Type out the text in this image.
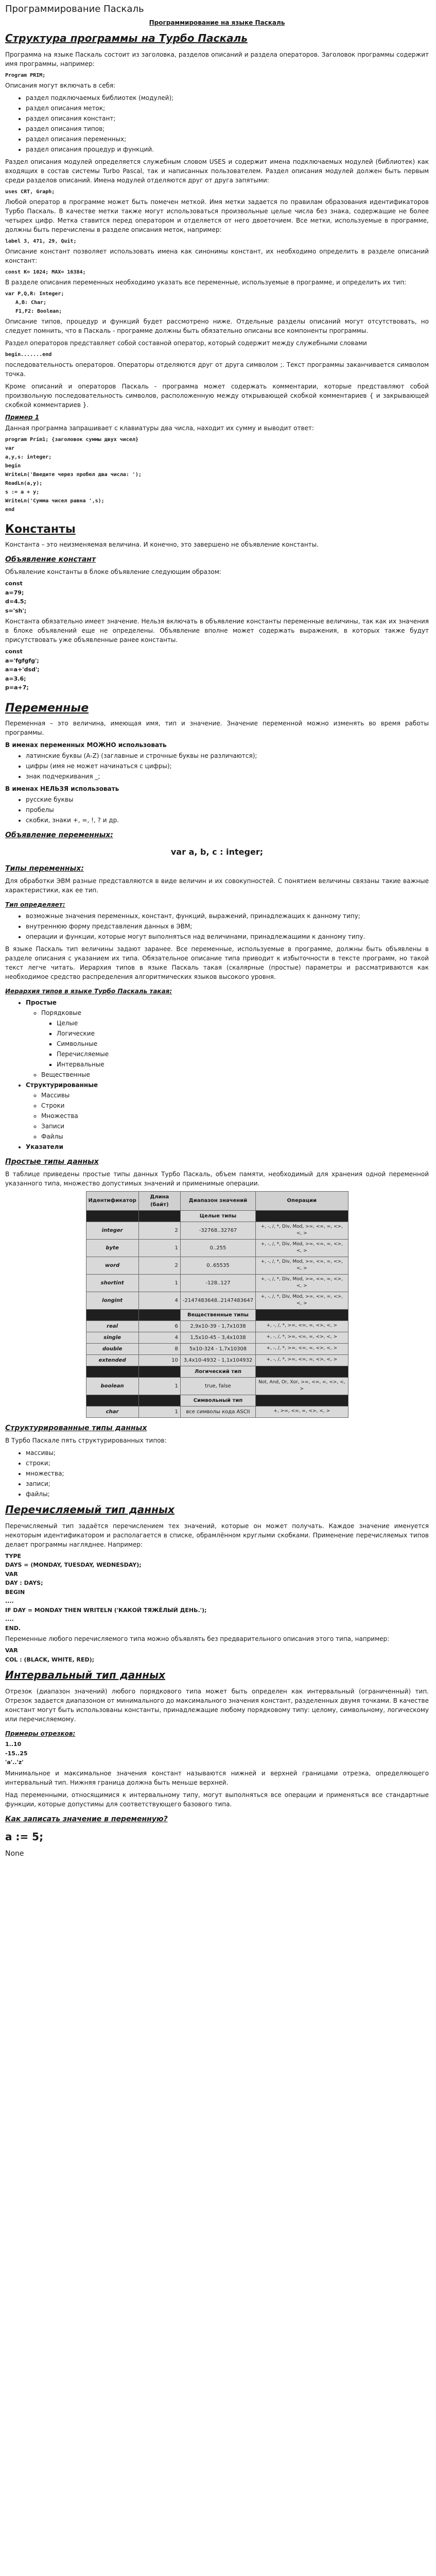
Программирование Паскаль
Программирование на языке Паскаль
Структура программы на Турбо Паскаль

Программа на языке Паскаль состоит из заголовка, разделов описаний и раздела операторов. Заголовок программы содержит имя программы, например:

Program PRIM;

Описания могут включать в себя:

• раздел подключаемых библиотек (модулей);
• раздел описания меток;
• раздел описания констант;
• раздел описания типов;
• раздел описания переменных;
• раздел описания процедур и функций.

Раздел описания модулей определяется служебным словом USES и содержит имена подключаемых модулей (библиотек) как входящих в состав системы Turbo Pascal, так и написанных пользователем. Раздел описания модулей должен быть первым среди разделов описаний. Имена модулей отделяются друг от друга запятыми:

uses CRT, Graph;

Любой оператор в программе может быть помечен меткой. Имя метки задается по правилам образования идентификаторов Турбо Паскаль. В качестве метки также могут использоваться произвольные целые числа без знака, содержащие не более четырех цифр. Метка ставится перед оператором и отделяется от него двоеточием. Все метки, используемые в программе, должны быть перечислены в разделе описания меток, например:

label 3, 471, 29, Quit;

Описание констант позволяет использовать имена как синонимы констант, их необходимо определить в разделе описаний констант:

const K= 1024; MAX= 16384;

В разделе описания переменных необходимо указать все переменные, используемые в программе, и определить их тип:

var P,Q,R: Integer;
A,B: Char;
F1,F2: Boolean;

Описание типов, процедур и функций будет рассмотрено ниже. Отдельные разделы описаний могут отсутствовать, но следует помнить, что в Паскаль - программе должны быть обязательно описаны все компоненты программы.

Раздел операторов представляет собой составной оператор, который содержит между служебными словами

begin.......end

последовательность операторов. Операторы отделяются друг от друга символом ;. Текст программы заканчивается символом точка.

Кроме описаний и операторов Паскаль - программа может содержать комментарии, которые представляют собой произвольную последовательность символов, расположенную между открывающей скобкой комментариев { и закрывающей скобкой комментариев }.

Пример 1

Данная программа запрашивает с клавиатуры два числа, находит их сумму и выводит ответ:

program Prim1; {заголовок суммы двух чисел}
var
a,y,s: integer;
begin
WriteLn('Введите через пробел два числа: ');
ReadLn(a,y);
s := a + y;
WriteLn('Сумма чисел равна ',s);
end
Константы

Константа – это неизменяемая величина. И конечно, это завершено не объявление константы.

Объявление констант

Объявление константы в блоке объявление следующим образом:

const
a=79;
d=4.5;
s='sh';

Константа обязательно имеет значение. Нельзя включать в объявление константы переменные величины, так как их значения в блоке объявлений еще не определены. Объявление вполне может содержать выражения, в которых также будут присутствовать уже объявленные ранее константы.

const
a='fgfgfg';
a=a+'dsd';
a=3.6;
p=a+7;
Переменные

Переменная – это величина, имеющая имя, тип и значение. Значение переменной можно изменять во время работы программы.

В именах переменных МОЖНО использовать
• латинские буквы (A-Z) (заглавные и строчные буквы не различаются);
• цифры (имя не может начинаться с цифры);
• знак подчеркивания _;
В именах НЕЛЬЗЯ использовать
• русские буквы
• пробелы
• скобки, знаки +, =, !, ? и др.
Объявление переменных:
var a, b, c : integer;
Типы переменных:

Для обработки ЭВМ разные представляются в виде величин и их совокупностей. С понятием величины связаны такие важные характеристики, как ее тип.

Тип определяет:
• возможные значения переменных, констант, функций, выражений, принадлежащих к данному типу;
• внутреннюю форму представления данных в ЭВМ;
• операции и функции, которые могут выполняться над величинами, принадлежащими к данному типу.

В языке Паскаль тип величины задают заранее. Все переменные, используемые в программе, должны быть объявлены в разделе описания с указанием их типа. Обязательное описание типа приводит к избыточности в тексте программ, но такой текст легче читать. Иерархия типов в языке Паскаль такая (скалярные (простые) параметры и рассматриваются как необходимое средство распределения алгоритмических языков высокого уровня.

Иерархия типов в языке Турбо Паскаль такая:
• Простые
◦ Порядковые
▪ Целые
▪ Логические
▪ Символьные
▪ Перечисляемые
▪ Интервальные
◦ Вещественные
• Структурированные
◦ Массивы
◦ Строки
◦ Множества
◦ Записи
◦ Файлы
• Указатели
Простые типы данных

В таблице приведены простые типы данных Турбо Паскаль, объем памяти, необходимый для хранения одной переменной указанного типа, множество допустимых значений и применимые операции.

Идентификатор	Длина (байт)	Диапазон значений	Операции
		Целые типы	
integer	2	-32768..32767	+, -, /, *, Div, Mod, >=, <=, =, <>, <, >
byte	1	0..255	+, -, /, *, Div, Mod, >=, <=, =, <>, <, >
word	2	0..65535	+, -, /, *, Div, Mod, >=, <=, =, <>, <, >
shortint	1	-128..127	+, -, /, *, Div, Mod, >=, <=, =, <>, <, >
longint	4	-2147483648..2147483647	+, -, /, *, Div, Mod, >=, <=, =, <>, <, >
		Вещественные типы	
real	6	2,9x10-39 - 1,7x1038	+, -, /, *, >=, <=, =, <>, <, >
single	4	1,5x10-45 - 3,4x1038	+, -, /, *, >=, <=, =, <>, <, >
double	8	5x10-324 - 1,7x10308	+, -, /, *, >=, <=, =, <>, <, >
extended	10	3,4x10-4932 - 1,1x104932	+, -, /, *, >=, <=, =, <>, <, >
		Логический тип	
boolean	1	true, false	Not, And, Or, Xor, >=, <=, =, <>, <, >
		Символьный тип	
char	1	все символы кода ASCII	+, >=, <=, =, <>, <, >
Структурированные типы данных

В Турбо Паскале пять структурированных типов:

• массивы;
• строки;
• множества;
• записи;
• файлы;
Перечисляемый тип данных

Перечисляемый тип задаётся перечислением тех значений, которые он может получать. Каждое значение именуется некоторым идентификатором и располагается в списке, обрамлённом круглыми скобками. Применение перечисляемых типов делает программы нагляднее. Например:

TYPE
DAYS = (MONDAY, TUESDAY, WEDNESDAY);
VAR
DAY : DAYS;
BEGIN
....
IF DAY = MONDAY THEN WRITELN ('КАКОЙ ТЯЖЁЛЫЙ ДЕНЬ.');
....
END.

Переменные любого перечисляемого типа можно объявлять без предварительного описания этого типа, например:

VAR
COL : (BLACK, WHITE, RED);
Интервальный тип данных

Отрезок (диапазон значений) любого порядкового типа может быть определен как интервальный (ограниченный) тип. Отрезок задается диапазоном от минимального до максимального значения констант, разделенных двумя точками. В качестве констант могут быть использованы константы, принадлежащие любому порядковому типу: целому, символьному, логическому или перечисляемому.

Примеры отрезков:
1..10
-15..25
'a'..'z'

Минимальное и максимальное значения констант называются нижней и верхней границами отрезка, определяющего интервальный тип. Нижняя граница должна быть меньше верхней.

Над переменными, относящимися к интервальному типу, могут выполняться все операции и применяться все стандартные функции, которые допустимы для соответствующего базового типа.

Как записать значение в переменную?
a := 5;
None
